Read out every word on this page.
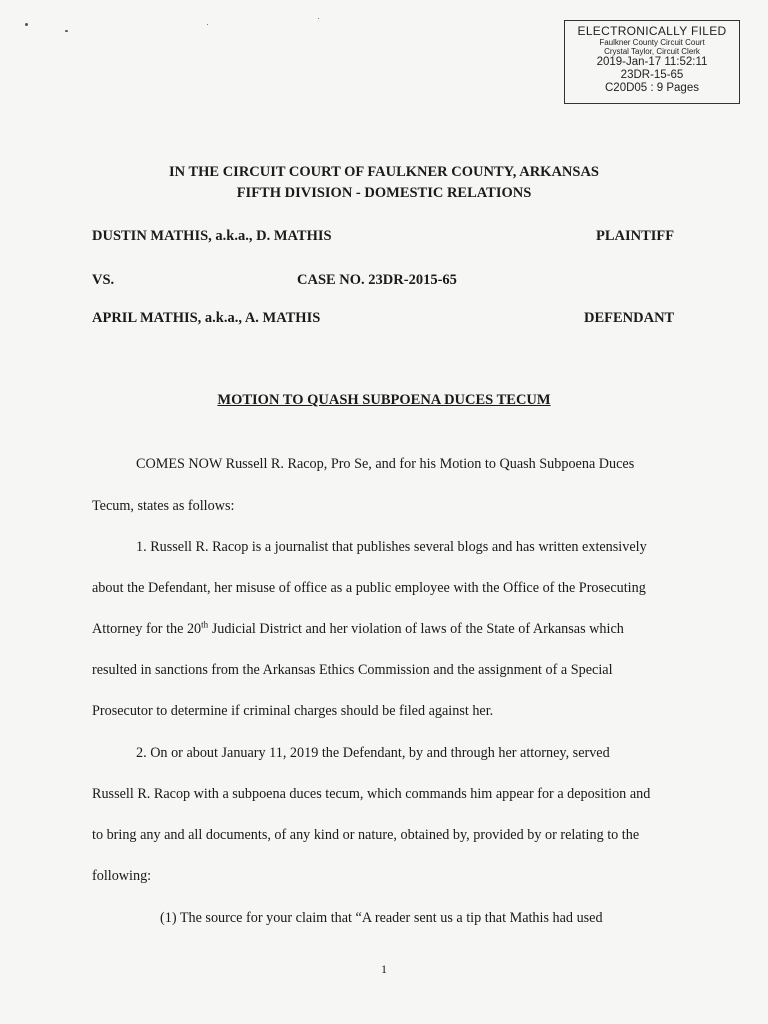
ELECTRONICALLY FILED
Faulkner County Circuit Court
Crystal Taylor, Circuit Clerk
2019-Jan-17 11:52:11
23DR-15-65
C20D05 : 9 Pages
IN THE CIRCUIT COURT OF FAULKNER COUNTY, ARKANSAS
FIFTH DIVISION - DOMESTIC RELATIONS
DUSTIN MATHIS, a.k.a., D. MATHIS	PLAINTIFF
VS.	CASE NO. 23DR-2015-65
APRIL MATHIS, a.k.a., A. MATHIS	DEFENDANT
MOTION TO QUASH SUBPOENA DUCES TECUM
COMES NOW Russell R. Racop, Pro Se, and for his Motion to Quash Subpoena Duces
Tecum, states as follows:
1. Russell R. Racop is a journalist that publishes several blogs and has written extensively
about the Defendant, her misuse of office as a public employee with the Office of the Prosecuting
Attorney for the 20th Judicial District and her violation of laws of the State of Arkansas which
resulted in sanctions from the Arkansas Ethics Commission and the assignment of a Special
Prosecutor to determine if criminal charges should be filed against her.
2. On or about January 11, 2019 the Defendant, by and through her attorney, served
Russell R. Racop with a subpoena duces tecum, which commands him appear for a deposition and
to bring any and all documents, of any kind or nature, obtained by, provided by or relating to the
following:
(1) The source for your claim that “A reader sent us a tip that Mathis had used
1
